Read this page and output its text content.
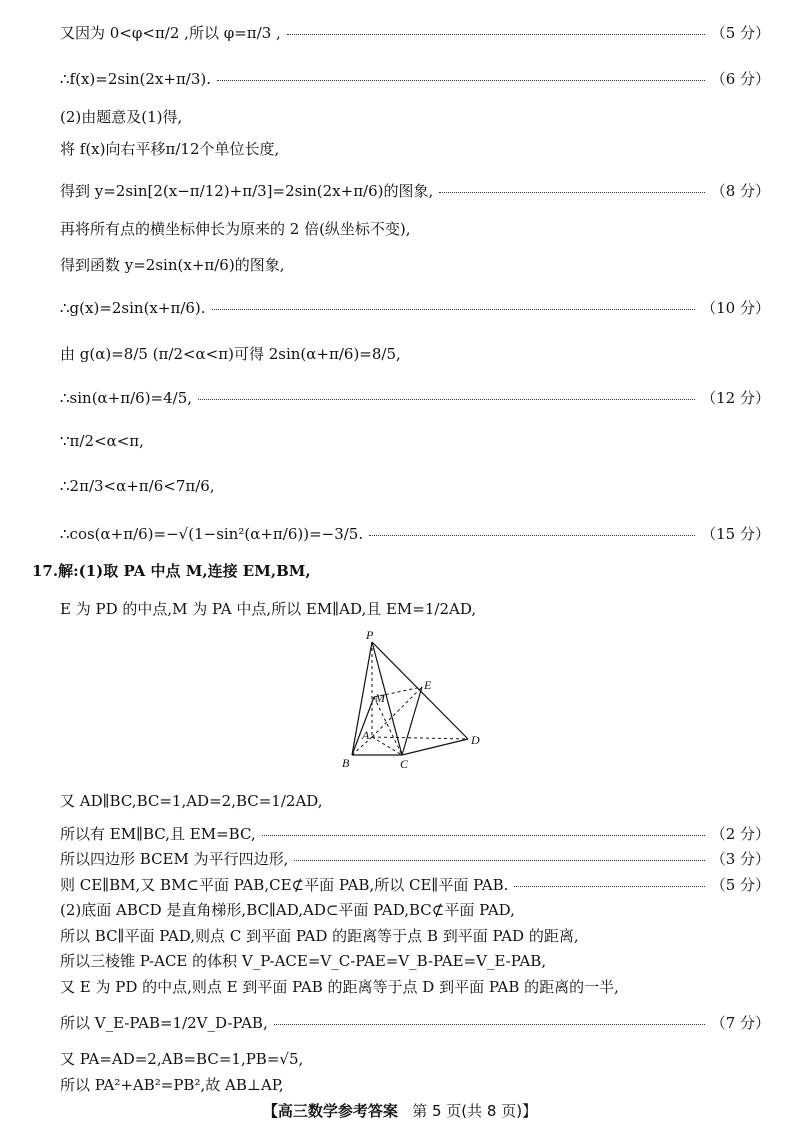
又因为 0<φ<π/2 ,所以 φ=π/3 ,	（5 分）
∴f(x)=2sin(2x+π/3).	（6 分）
(2)由题意及(1)得,
将 f(x)向右平移π/12个单位长度,
得到 y=2sin[2(x−π/12)+π/3]=2sin(2x+π/6)的图象,	（8 分）
再将所有点的横坐标伸长为原来的 2 倍(纵坐标不变),
得到函数 y=2sin(x+π/6)的图象,
∴g(x)=2sin(x+π/6).	（10 分）
由 g(α)=8/5 (π/2<α<π)可得 2sin(α+π/6)=8/5,
∴sin(α+π/6)=4/5,	（12 分）
∵π/2<α<π,
∴2π/3<α+π/6<7π/6,
∴cos(α+π/6)=−√(1−sin²(α+π/6))=−3/5.	（15 分）
17.解:(1)取 PA 中点 M,连接 EM,BM,
E 为 PD 的中点,M 为 PA 中点,所以 EM∥AD,且 EM=1/2AD,
P
M
E
A	D
B	C
又 AD∥BC,BC=1,AD=2,BC=1/2AD,
所以有 EM∥BC,且 EM=BC,	（2 分）
所以四边形 BCEM 为平行四边形,	（3 分）
则 CE∥BM,又 BM⊂平面 PAB,CE⊄平面 PAB,所以 CE∥平面 PAB.	（5 分）
(2)底面 ABCD 是直角梯形,BC∥AD,AD⊂平面 PAD,BC⊄平面 PAD,
所以 BC∥平面 PAD,则点 C 到平面 PAD 的距离等于点 B 到平面 PAD 的距离,
所以三棱锥 P-ACE 的体积 V_P-ACE=V_C-PAE=V_B-PAE=V_E-PAB,
又 E 为 PD 的中点,则点 E 到平面 PAB 的距离等于点 D 到平面 PAB 的距离的一半,
所以 V_E-PAB=1/2V_D-PAB,	（7 分）
又 PA=AD=2,AB=BC=1,PB=√5,
所以 PA²+AB²=PB²,故 AB⊥AP,
【高三数学参考答案 第 5 页(共 8 页)】
